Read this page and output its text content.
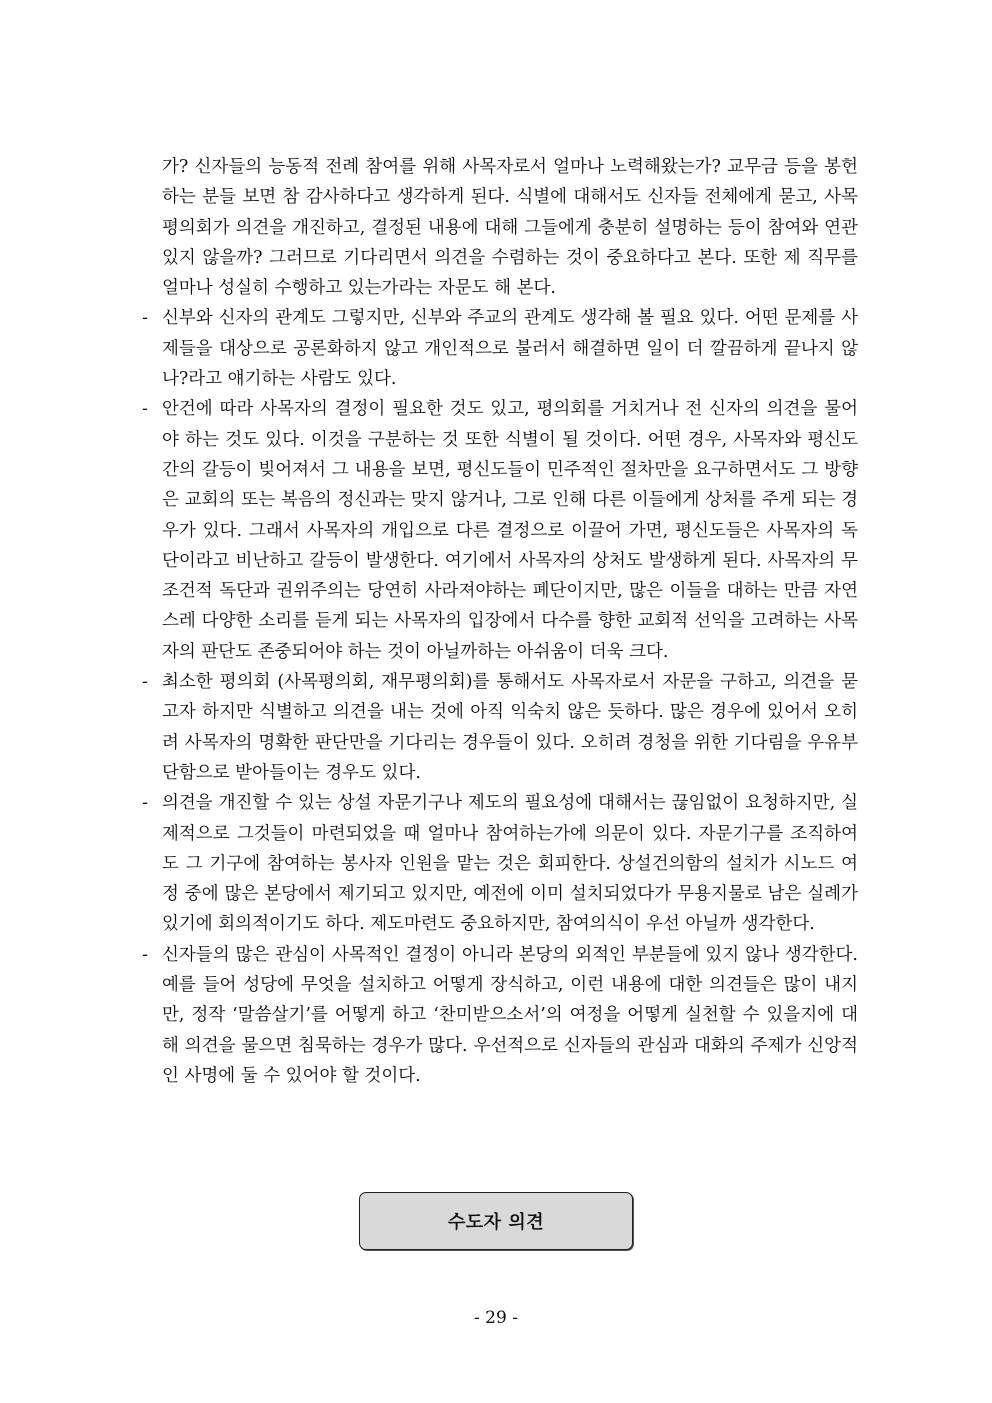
가? 신자들의 능동적 전례 참여를 위해 사목자로서 얼마나 노력해왔는가? 교무금 등을 봉헌하는 분들 보면 참 감사하다고 생각하게 된다. 식별에 대해서도 신자들 전체에게 묻고, 사목평의회가 의견을 개진하고, 결정된 내용에 대해 그들에게 충분히 설명하는 등이 참여와 연관 있지 않을까? 그러므로 기다리면서 의견을 수렴하는 것이 중요하다고 본다. 또한 제 직무를 얼마나 성실히 수행하고 있는가라는 자문도 해 본다.

- 신부와 신자의 관계도 그렇지만, 신부와 주교의 관계도 생각해 볼 필요 있다. 어떤 문제를 사제들을 대상으로 공론화하지 않고 개인적으로 불러서 해결하면 일이 더 깔끔하게 끝나지 않나?라고 얘기하는 사람도 있다.
- 안건에 따라 사목자의 결정이 필요한 것도 있고, 평의회를 거치거나 전 신자의 의견을 물어야 하는 것도 있다. 이것을 구분하는 것 또한 식별이 될 것이다. 어떤 경우, 사목자와 평신도 간의 갈등이 빚어져서 그 내용을 보면, 평신도들이 민주적인 절차만을 요구하면서도 그 방향은 교회의 또는 복음의 정신과는 맞지 않거나, 그로 인해 다른 이들에게 상처를 주게 되는 경우가 있다. 그래서 사목자의 개입으로 다른 결정으로 이끌어 가면, 평신도들은 사목자의 독단이라고 비난하고 갈등이 발생한다. 여기에서 사목자의 상처도 발생하게 된다. 사목자의 무조건적 독단과 권위주의는 당연히 사라져야하는 폐단이지만, 많은 이들을 대하는 만큼 자연스레 다양한 소리를 듣게 되는 사목자의 입장에서 다수를 향한 교회적 선익을 고려하는 사목자의 판단도 존중되어야 하는 것이 아닐까하는 아쉬움이 더욱 크다.
- 최소한 평의회 (사목평의회, 재무평의회)를 통해서도 사목자로서 자문을 구하고, 의견을 묻고자 하지만 식별하고 의견을 내는 것에 아직 익숙치 않은 듯하다. 많은 경우에 있어서 오히려 사목자의 명확한 판단만을 기다리는 경우들이 있다. 오히려 경청을 위한 기다림을 우유부단함으로 받아들이는 경우도 있다.
- 의견을 개진할 수 있는 상설 자문기구나 제도의 필요성에 대해서는 끊임없이 요청하지만, 실제적으로 그것들이 마련되었을 때 얼마나 참여하는가에 의문이 있다. 자문기구를 조직하여도 그 기구에 참여하는 봉사자 인원을 맡는 것은 회피한다. 상설건의함의 설치가 시노드 여정 중에 많은 본당에서 제기되고 있지만, 예전에 이미 설치되었다가 무용지물로 남은 실례가 있기에 회의적이기도 하다. 제도마련도 중요하지만, 참여의식이 우선 아닐까 생각한다.
- 신자들의 많은 관심이 사목적인 결정이 아니라 본당의 외적인 부분들에 있지 않나 생각한다. 예를 들어 성당에 무엇을 설치하고 어떻게 장식하고, 이런 내용에 대한 의견들은 많이 내지만, 정작 ‘말씀살기’를 어떻게 하고 ‘찬미받으소서’의 여정을 어떻게 실천할 수 있을지에 대해 의견을 물으면 침묵하는 경우가 많다. 우선적으로 신자들의 관심과 대화의 주제가 신앙적인 사명에 둘 수 있어야 할 것이다.
수도자 의견
- 29 -
